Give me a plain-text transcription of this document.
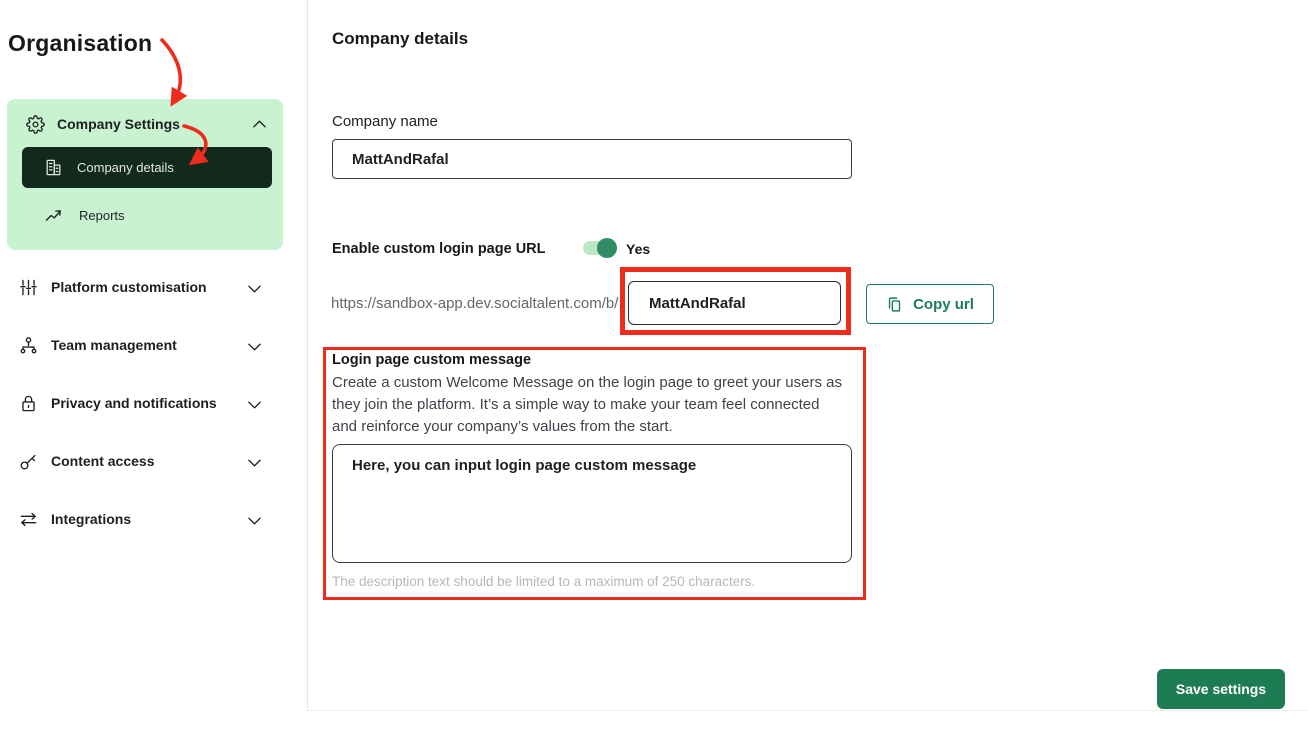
Organisation
Company Settings
Company details
Reports
Platform customisation
Team management
Privacy and notifications
Content access
Integrations
Company details
Company name
MattAndRafal
Enable custom login page URL	Yes
https://sandbox-app.dev.socialtalent.com/b/
MattAndRafal	Copy url
Login page custom message
Create a custom Welcome Message on the login page to greet your users as they join the platform. It’s a simple way to make your team feel connected and reinforce your company’s values from the start.
Here, you can input login page custom message
The description text should be limited to a maximum of 250 characters.
Save settings
